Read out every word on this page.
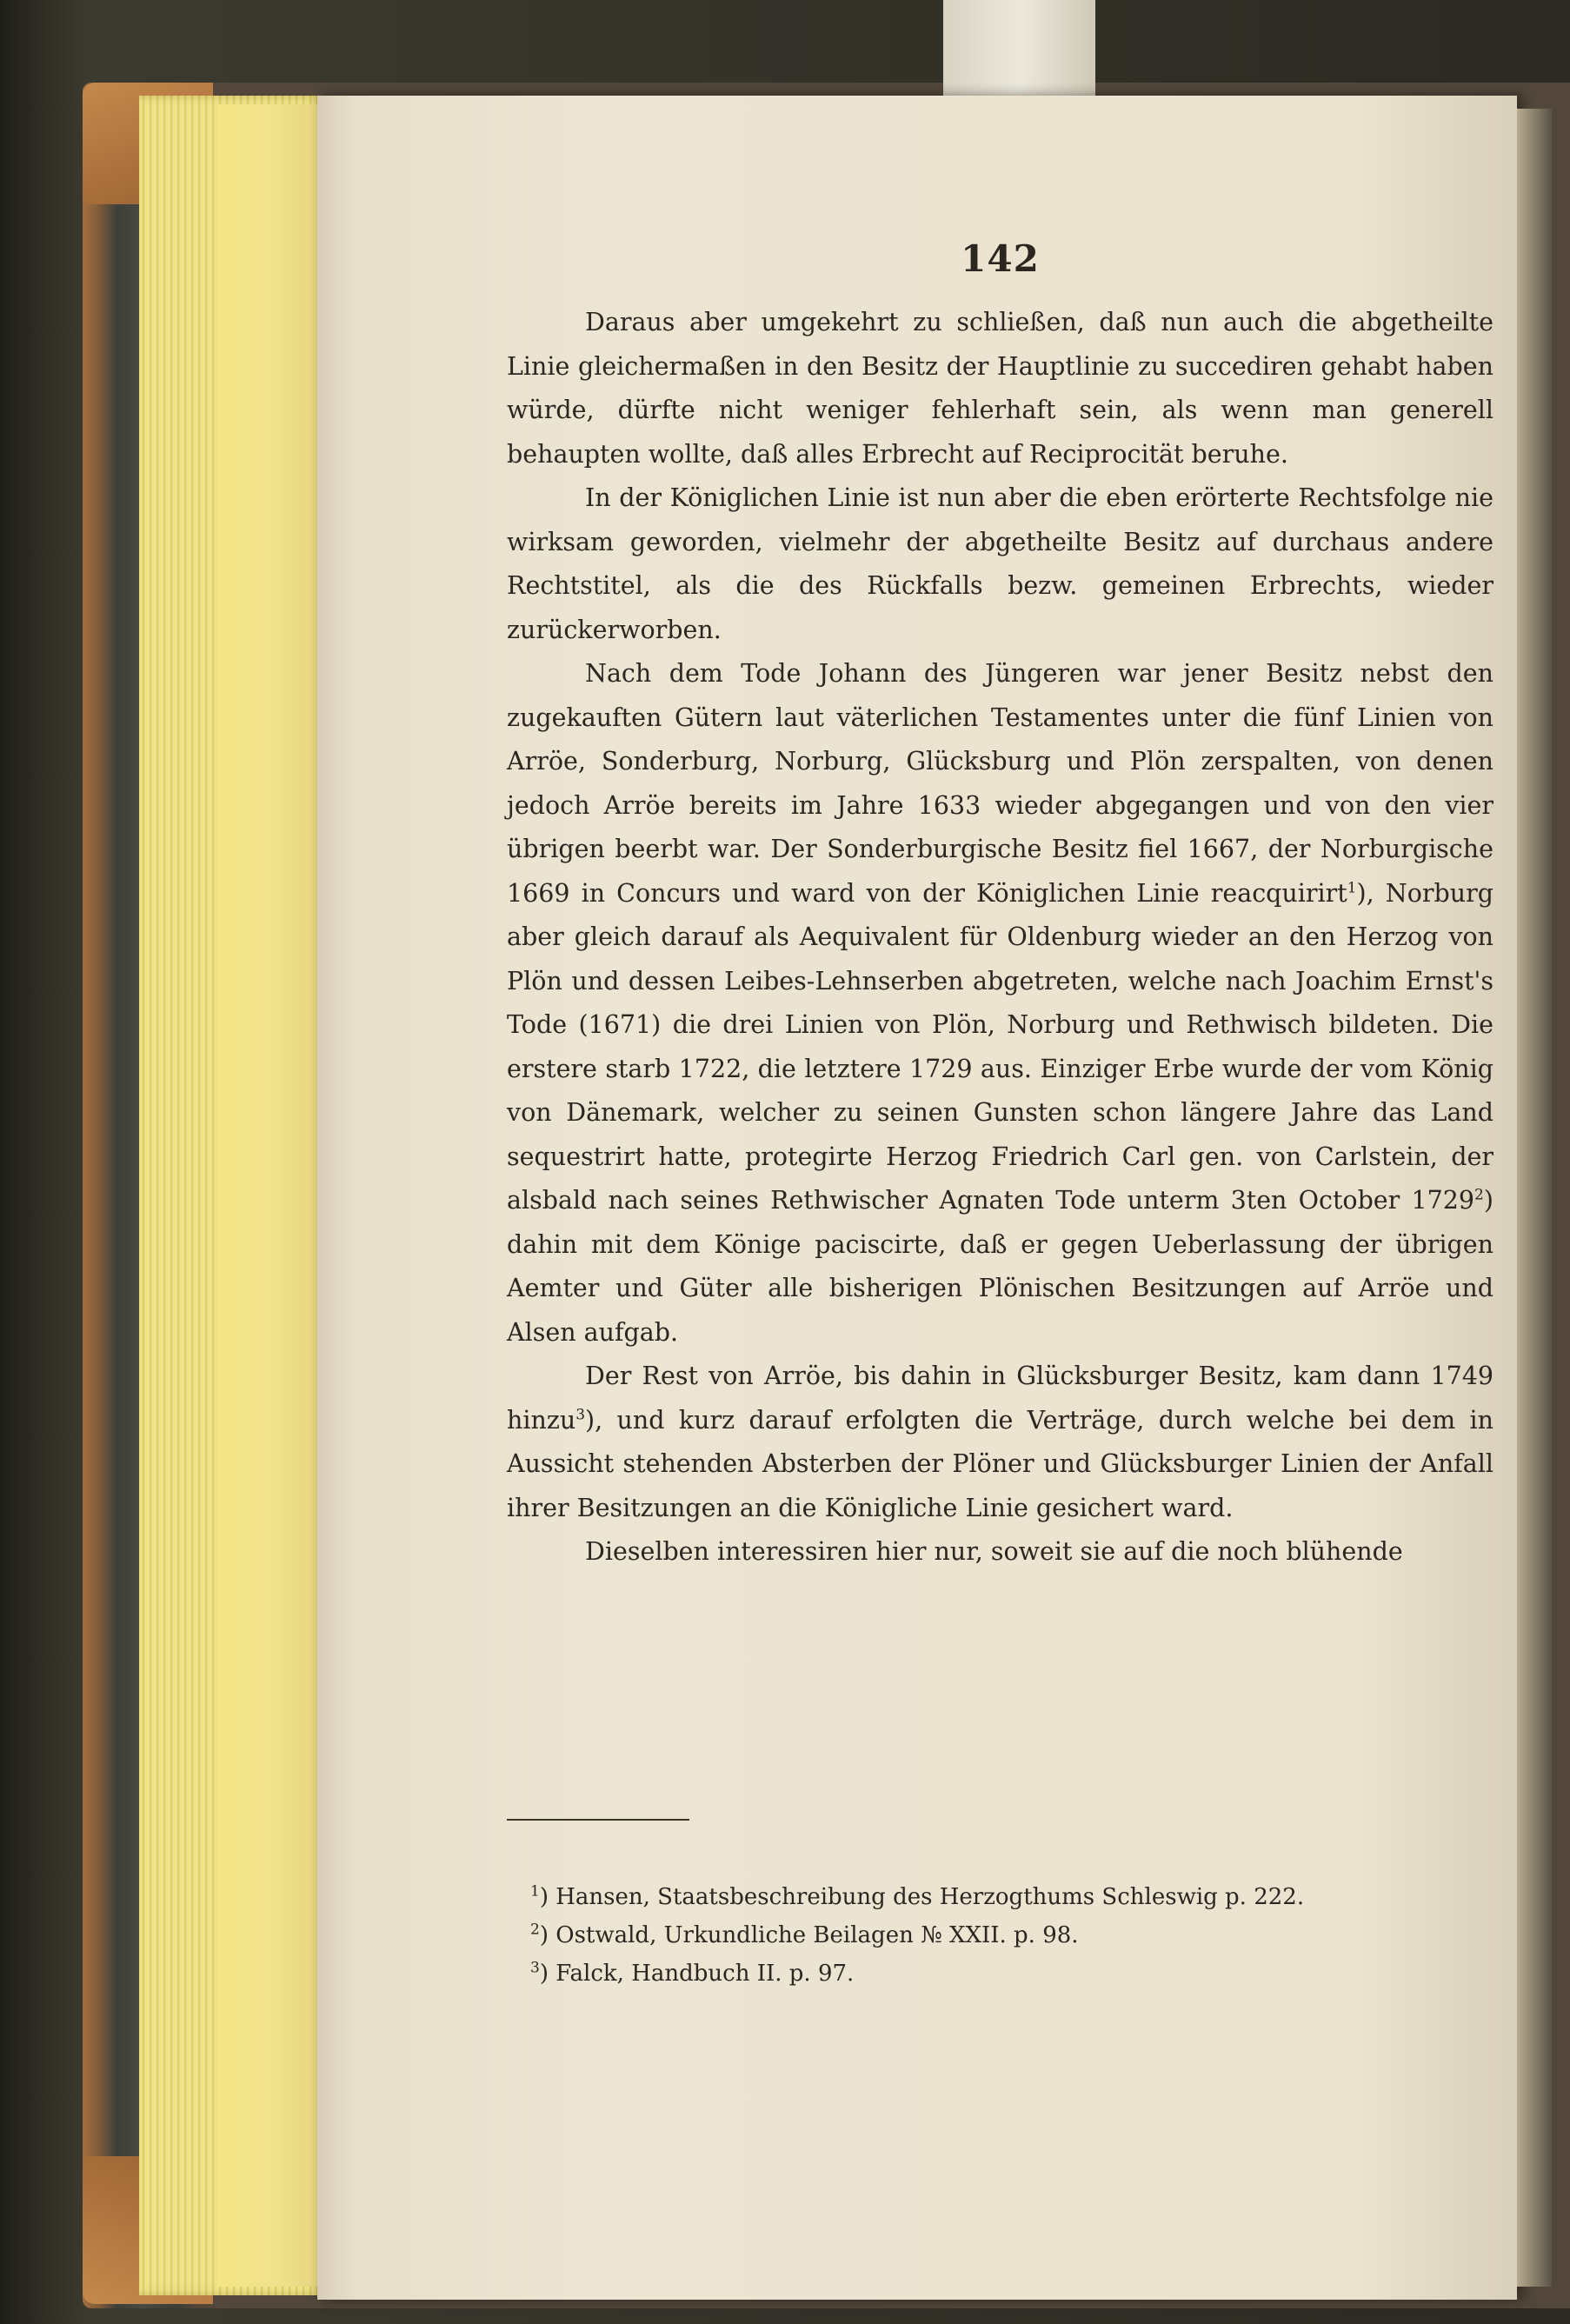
142

Daraus aber umgekehrt zu schließen, daß nun auch die abgetheilte Linie gleichermaßen in den Besitz der Hauptlinie zu succediren gehabt haben würde, dürfte nicht weniger fehlerhaft sein, als wenn man generell behaupten wollte, daß alles Erbrecht auf Reciprocität beruhe.

In der Königlichen Linie ist nun aber die eben erörterte Rechtsfolge nie wirksam geworden, vielmehr der abgetheilte Besitz auf durchaus andere Rechtstitel, als die des Rückfalls bezw. gemeinen Erbrechts, wieder zurückerworben.

Nach dem Tode Johann des Jüngeren war jener Besitz nebst den zugekauften Gütern laut väterlichen Testamentes unter die fünf Linien von Arröe, Sonderburg, Norburg, Glücksburg und Plön zerspalten, von denen jedoch Arröe bereits im Jahre 1633 wieder abgegangen und von den vier übrigen beerbt war. Der Sonderburgische Besitz fiel 1667, der Norburgische 1669 in Concurs und ward von der Königlichen Linie reacquirirt$^1$), Norburg aber gleich darauf als Aequivalent für Oldenburg wieder an den Herzog von Plön und dessen Leibes-Lehnserben abgetreten, welche nach Joachim Ernst's Tode (1671) die drei Linien von Plön, Norburg und Rethwisch bildeten. Die erstere starb 1722, die letztere 1729 aus. Einziger Erbe wurde der vom König von Dänemark, welcher zu seinen Gunsten schon längere Jahre das Land sequestrirt hatte, protegirte Herzog Friedrich Carl gen. von Carlstein, der alsbald nach seines Rethwischer Agnaten Tode unterm 3ten October 1729$^2$) dahin mit dem Könige paciscirte, daß er gegen Ueberlassung der übrigen Aemter und Güter alle bisherigen Plönischen Besitzungen auf Arröe und Alsen aufgab.

Der Rest von Arröe, bis dahin in Glücksburger Besitz, kam dann 1749 hinzu$^3$), und kurz darauf erfolgten die Verträge, durch welche bei dem in Aussicht stehenden Absterben der Plöner und Glücksburger Linien der Anfall ihrer Besitzungen an die Königliche Linie gesichert ward.

Dieselben interessiren hier nur, soweit sie auf die noch blühende

$^1$) Hansen, Staatsbeschreibung des Herzogthums Schleswig p. 222.

$^2$) Ostwald, Urkundliche Beilagen № XXII. p. 98.

$^3$) Falck, Handbuch II. p. 97.
